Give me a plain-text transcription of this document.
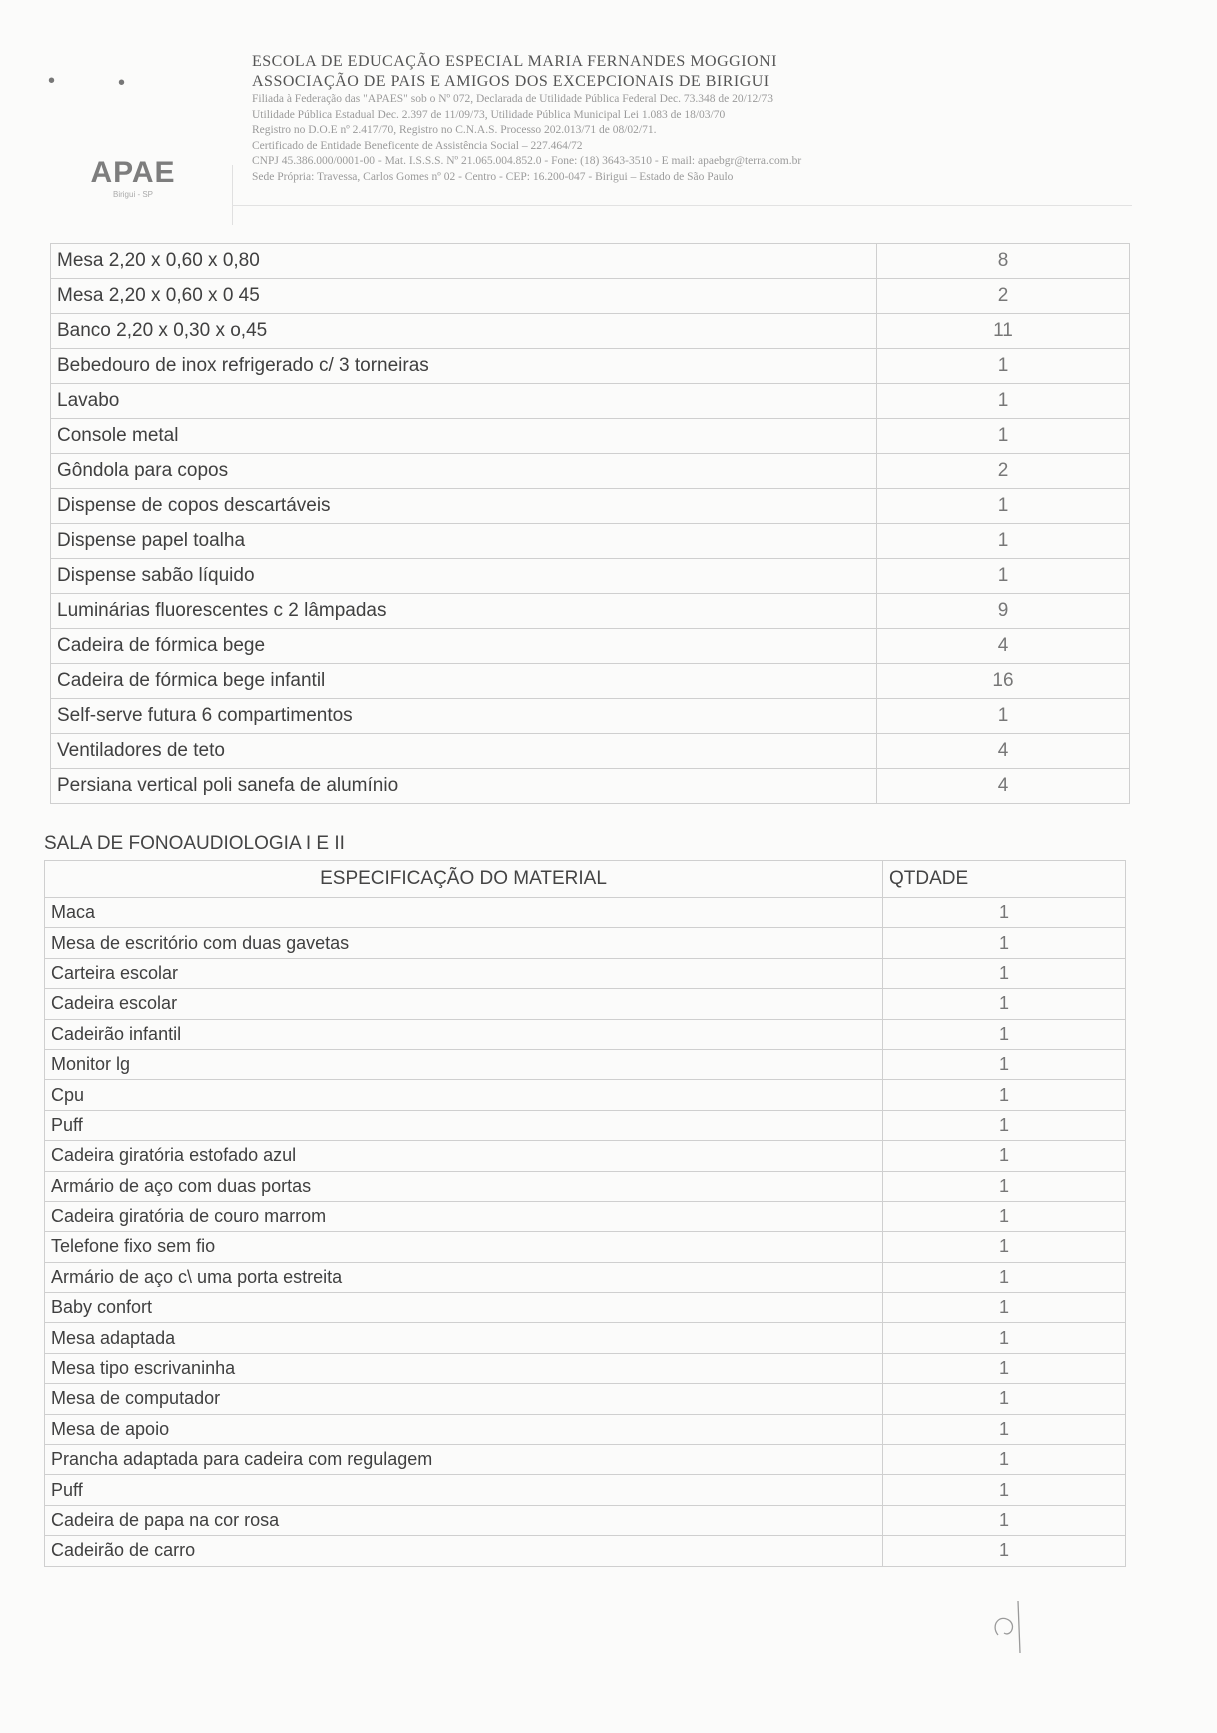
•	•
APAE
Birigui - SP
ESCOLA DE EDUCAÇÃO ESPECIAL MARIA FERNANDES MOGGIONI
ASSOCIAÇÃO DE PAIS E AMIGOS DOS EXCEPCIONAIS DE BIRIGUI
Filiada à Federação das "APAES" sob o Nº 072, Declarada de Utilidade Pública Federal Dec. 73.348 de 20/12/73
Utilidade Pública Estadual Dec. 2.397 de 11/09/73, Utilidade Pública Municipal Lei 1.083 de 18/03/70
Registro no D.O.E nº 2.417/70, Registro no C.N.A.S. Processo 202.013/71 de 08/02/71.
Certificado de Entidade Beneficente de Assistência Social – 227.464/72
CNPJ 45.386.000/0001-00 - Mat. I.S.S.S. Nº 21.065.004.852.0 - Fone: (18) 3643-3510 - E mail: apaebgr@terra.com.br
Sede Própria: Travessa, Carlos Gomes nº 02 - Centro - CEP: 16.200-047 - Birigui – Estado de São Paulo
Mesa 2,20 x 0,60 x 0,80	8
Mesa 2,20 x 0,60 x 0 45	2
Banco 2,20 x 0,30 x o,45	11
Bebedouro de inox refrigerado c/ 3 torneiras	1
Lavabo	1
Console metal	1
Gôndola para copos	2
Dispense de copos descartáveis	1
Dispense papel toalha	1
Dispense sabão líquido	1
Luminárias fluorescentes c 2 lâmpadas	9
Cadeira de fórmica bege	4
Cadeira de fórmica bege infantil	16
Self-serve futura 6 compartimentos	1
Ventiladores de teto	4
Persiana vertical poli sanefa de alumínio	4
SALA DE FONOAUDIOLOGIA I E II
ESPECIFICAÇÃO DO MATERIAL	QTDADE
Maca	1
Mesa de escritório com duas gavetas	1
Carteira escolar	1
Cadeira escolar	1
Cadeirão infantil	1
Monitor lg	1
Cpu	1
Puff	1
Cadeira giratória estofado azul	1
Armário de aço com duas portas	1
Cadeira giratória de couro marrom	1
Telefone fixo sem fio	1
Armário de aço c\ uma porta estreita	1
Baby confort	1
Mesa adaptada	1
Mesa tipo escrivaninha	1
Mesa de computador	1
Mesa de apoio	1
Prancha adaptada para cadeira com regulagem	1
Puff	1
Cadeira de papa na cor rosa	1
Cadeirão de carro	1
